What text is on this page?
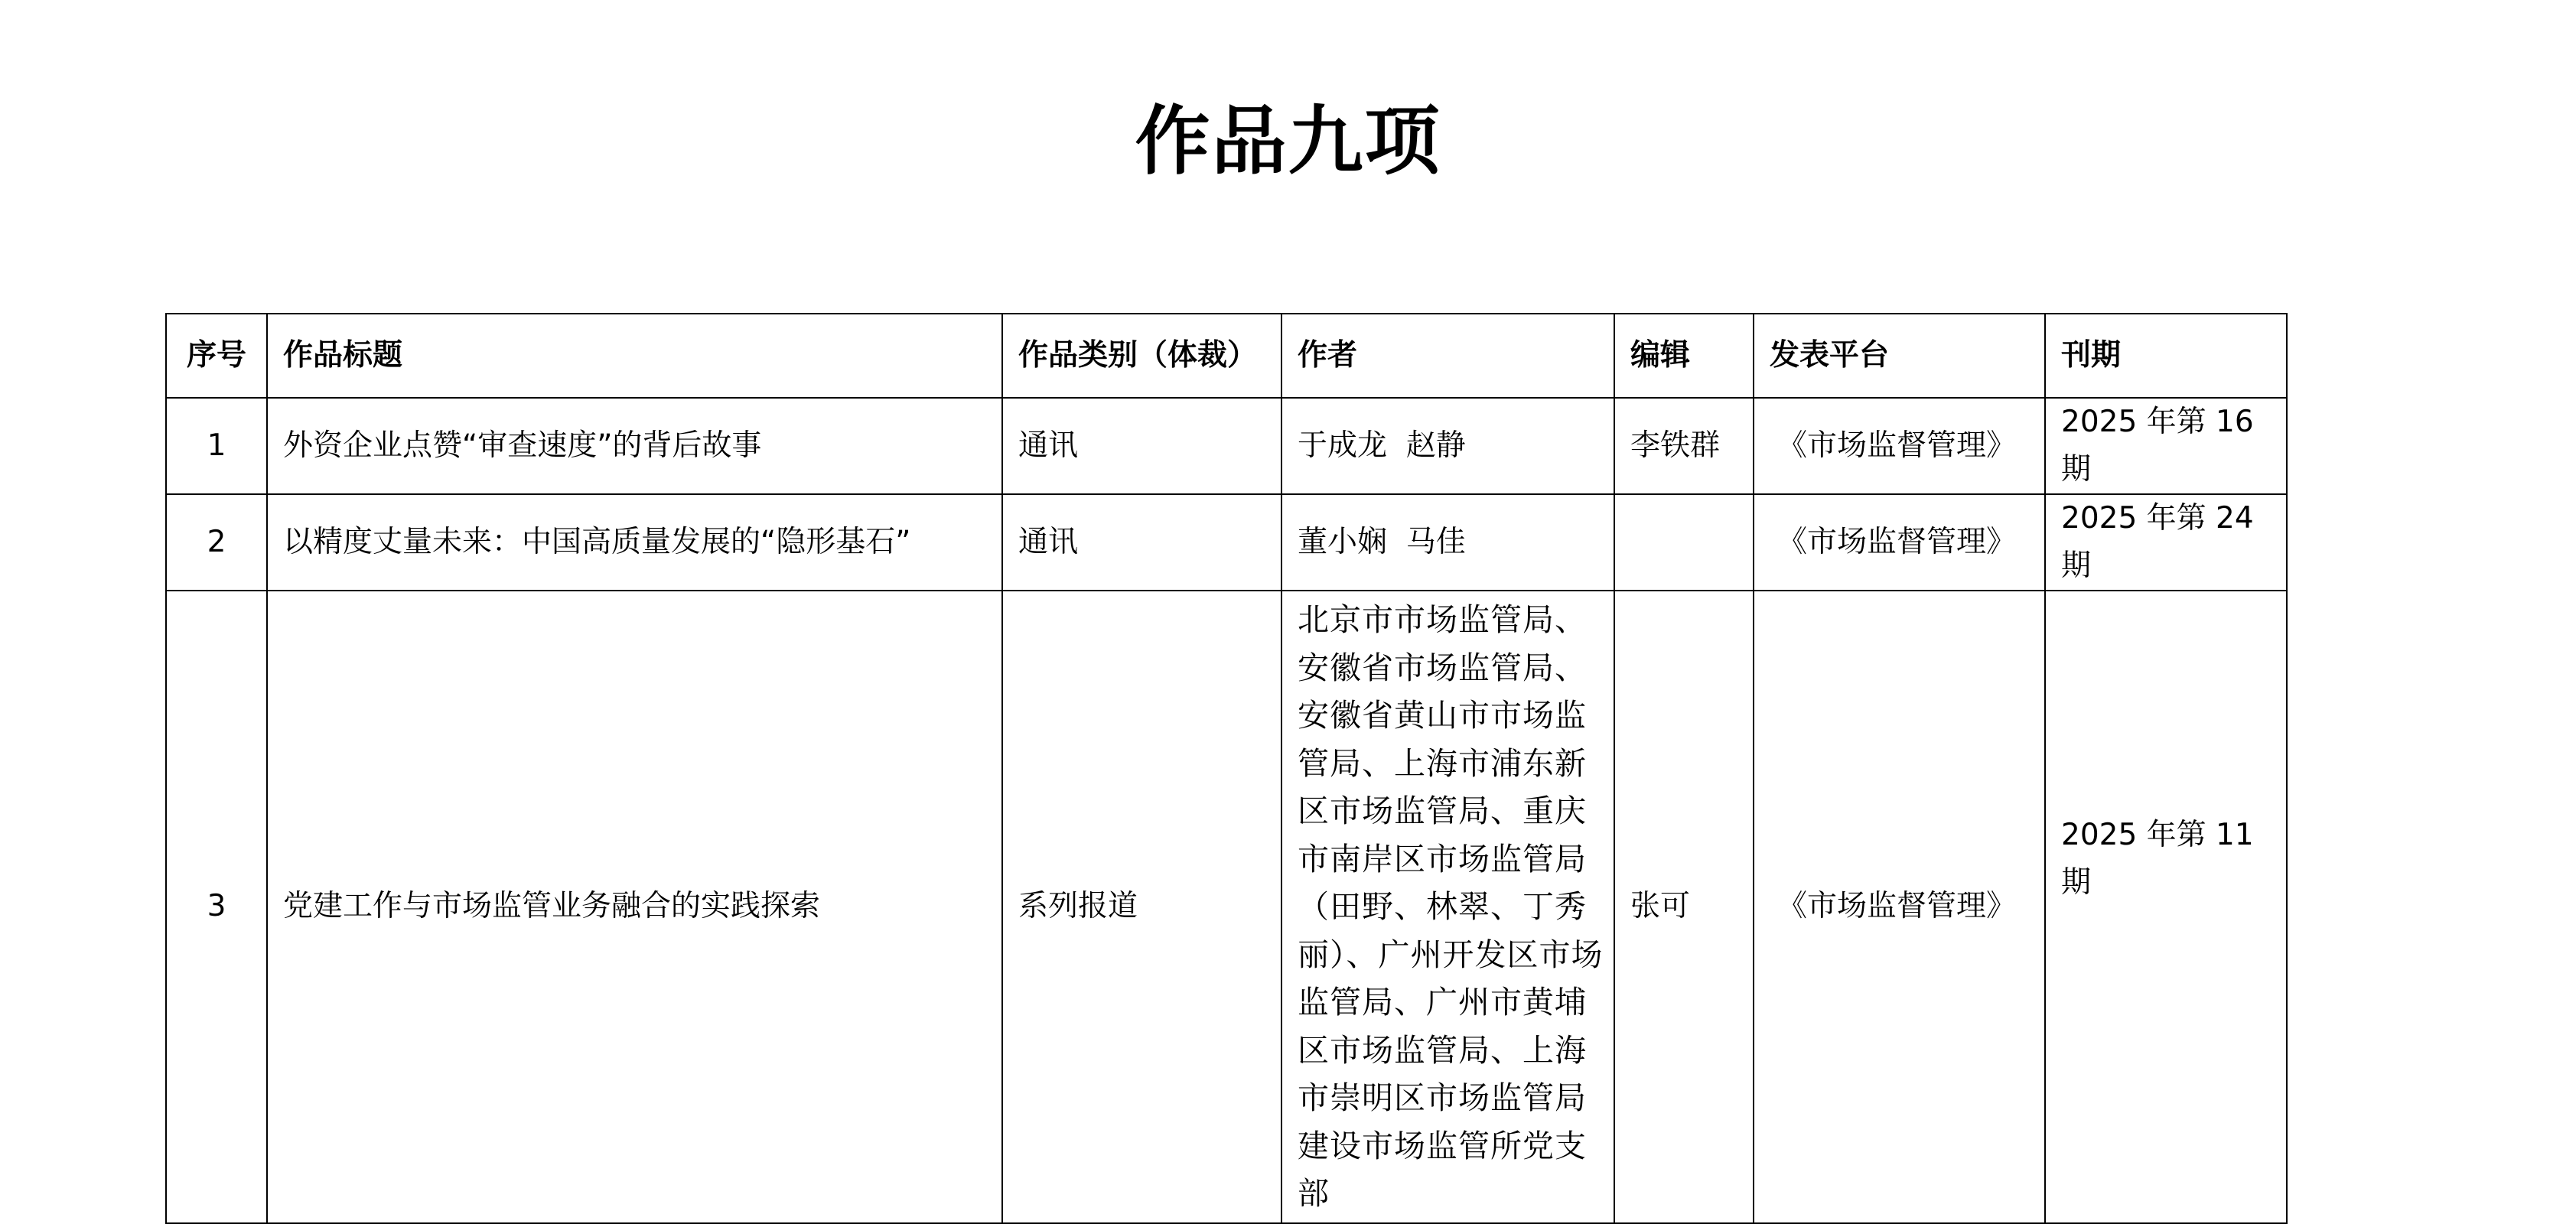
作品九项
序号	作品标题	作品类别（体裁）	作者	编辑	发表平台	刊期
1	外资企业点赞“审查速度”的背后故事	通讯	于成龙  赵静	李铁群	《市场监督管理》	2025 年第 16 期
2	以精度丈量未来：中国高质量发展的“隐形基石”	通讯	董小娴  马佳		《市场监督管理》	2025 年第 24 期
3	党建工作与市场监管业务融合的实践探索	系列报道	北京市市场监管局、安徽省市场监管局、安徽省黄山市市场监管局、上海市浦东新区市场监管局、重庆市南岸区市场监管局（田野、林翠、丁秀丽）、广州开发区市场监管局、广州市黄埔区市场监管局、上海市崇明区市场监管局建设市场监管所党支部	张可	《市场监督管理》	2025 年第 11 期
